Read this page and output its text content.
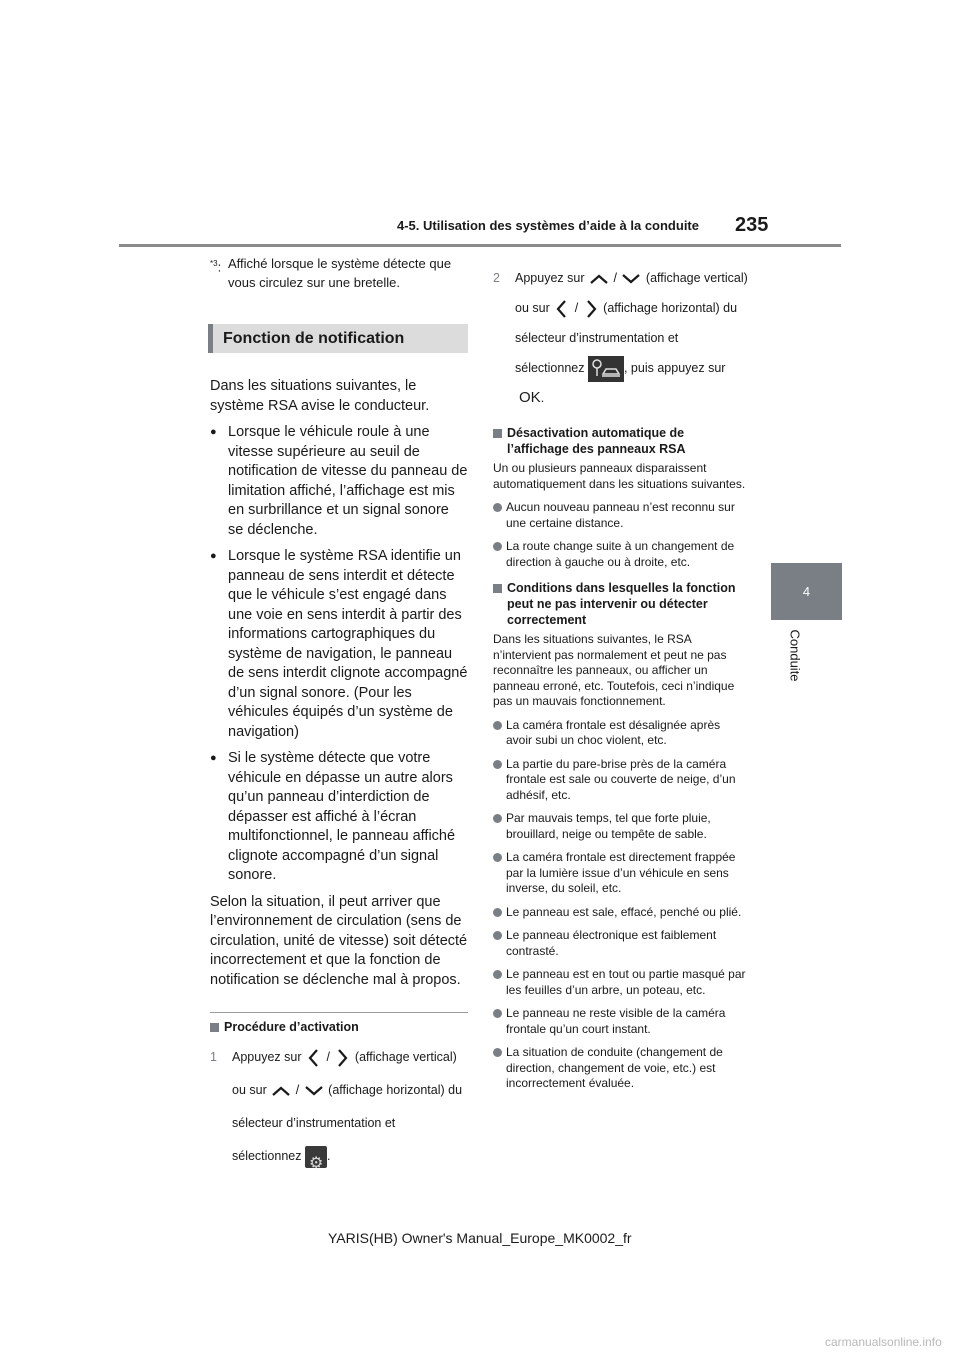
4-5. Utilisation des systèmes d’aide à la conduite 235
4
Conduite
$^{*3}$: Affiché lorsque le système détecte que vous circulez sur une bretelle.
Fonction de notification

Dans les situations suivantes, le système RSA avise le conducteur.

● Lorsque le véhicule roule à une vitesse supérieure au seuil de notification de vitesse du panneau de limitation affiché, l’affichage est mis en surbrillance et un signal sonore se déclenche.
● Lorsque le système RSA identifie un panneau de sens interdit et détecte que le véhicule s’est engagé dans une voie en sens interdit à partir des informations cartographiques du système de navigation, le panneau de sens interdit clignote accompagné d’un signal sonore. (Pour les véhicules équipés d’un système de navigation)
● Si le système détecte que votre véhicule en dépasse un autre alors qu’un panneau d’interdiction de dépasser est affiché à l’écran multifonctionnel, le panneau affiché clignote accompagné d’un signal sonore.

Selon la situation, il peut arriver que l’environnement de circulation (sens de circulation, unité de vitesse) soit détecté incorrectement et que la fonction de notification se déclenche mal à propos.

Procédure d’activation
1 Appuyez sur / (affichage vertical) ou sur / (affichage horizontal) du sélecteur d’instrumentation et sélectionnez ⚙ .
2 Appuyez sur / (affichage vertical) ou sur / (affichage horizontal) du sélecteur d’instrumentation et sélectionnez	, puis appuyez sur
OK.
Désactivation automatique de l’affichage des panneaux RSA

Un ou plusieurs panneaux disparaissent automatiquement dans les situations suivantes.

Aucun nouveau panneau n’est reconnu sur une certaine distance.
La route change suite à un changement de direction à gauche ou à droite, etc.
Conditions dans lesquelles la fonction peut ne pas intervenir ou détecter correctement

Dans les situations suivantes, le RSA n’intervient pas normalement et peut ne pas reconnaître les panneaux, ou afficher un panneau erroné, etc. Toutefois, ceci n’indique pas un mauvais fonctionnement.

La caméra frontale est désalignée après avoir subi un choc violent, etc.
La partie du pare-brise près de la caméra frontale est sale ou couverte de neige, d’un adhésif, etc.
Par mauvais temps, tel que forte pluie, brouillard, neige ou tempête de sable.
La caméra frontale est directement frappée par la lumière issue d’un véhicule en sens inverse, du soleil, etc.
Le panneau est sale, effacé, penché ou plié.
Le panneau électronique est faiblement contrasté.
Le panneau est en tout ou partie masqué par les feuilles d’un arbre, un poteau, etc.
Le panneau ne reste visible de la caméra frontale qu’un court instant.
La situation de conduite (changement de direction, changement de voie, etc.) est incorrectement évaluée.
YARIS(HB) Owner's Manual_Europe_MK0002_fr
carmanualsonline.info
